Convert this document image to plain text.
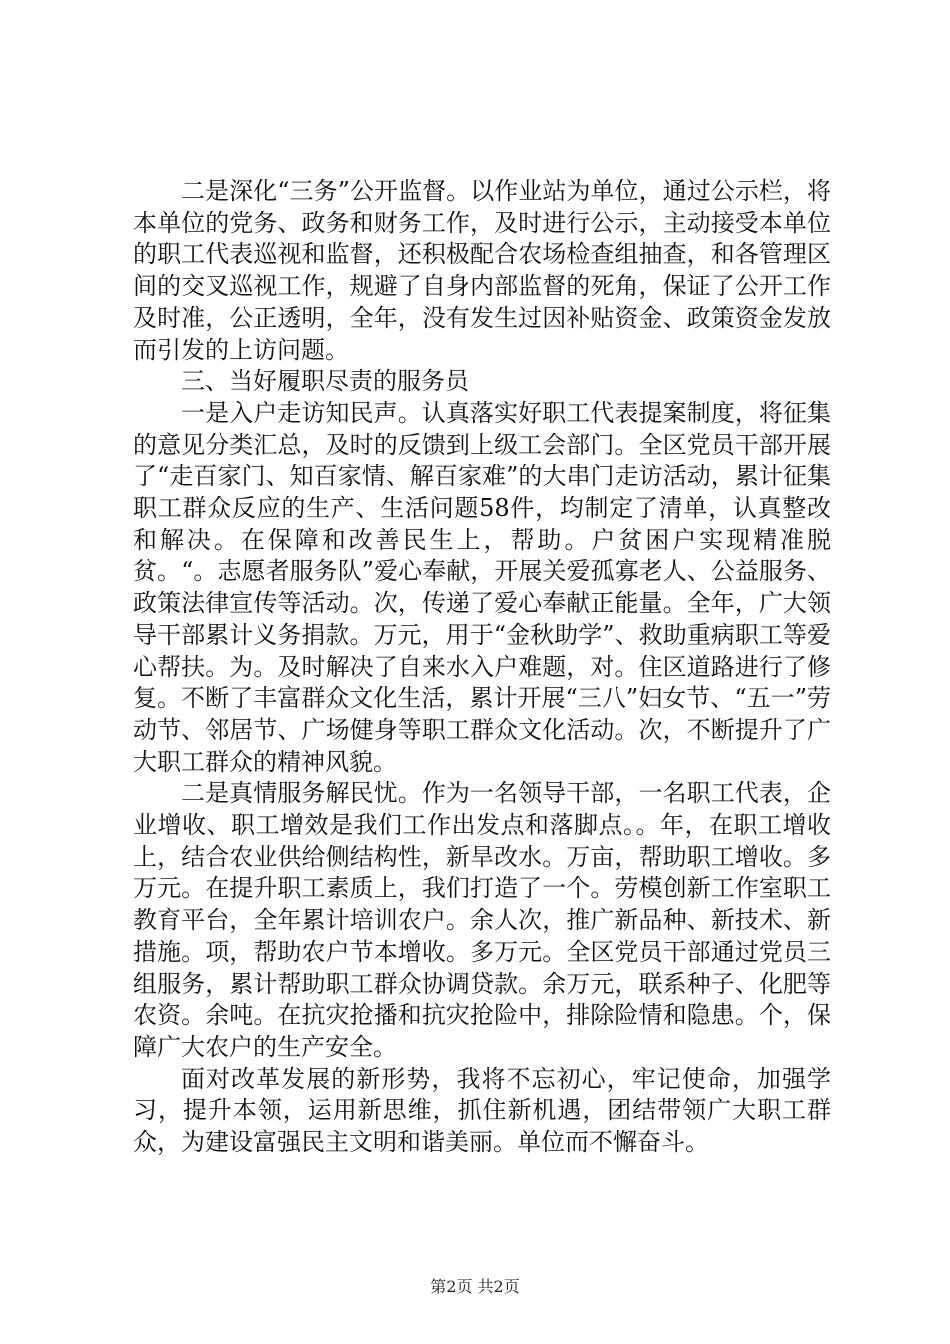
二是深化“三务”公开监督。以作业站为单位，通过公示栏，将本单位的党务、政务和财务工作，及时进行公示，主动接受本单位的职工代表巡视和监督，还积极配合农场检查组抽查，和各管理区间的交叉巡视工作，规避了自身内部监督的死角，保证了公开工作及时准，公正透明，全年，没有发生过因补贴资金、政策资金发放而引发的上访问题。

三、当好履职尽责的服务员

一是入户走访知民声。认真落实好职工代表提案制度，将征集的意见分类汇总，及时的反馈到上级工会部门。全区党员干部开展了“走百家门、知百家情、解百家难”的大串门走访活动，累计征集职工群众反应的生产、生活问题58件，均制定了清单，认真整改和解决。在保障和改善民生上，帮助。户贫困户实现精准脱贫。“。志愿者服务队”爱心奉献，开展关爱孤寡老人、公益服务、政策法律宣传等活动。次，传递了爱心奉献正能量。全年，广大领导干部累计义务捐款。万元，用于“金秋助学”、救助重病职工等爱心帮扶。为。及时解决了自来水入户难题，对。住区道路进行了修复。不断了丰富群众文化生活，累计开展“三八”妇女节、“五一”劳动节、邻居节、广场健身等职工群众文化活动。次，不断提升了广大职工群众的精神风貌。

二是真情服务解民忧。作为一名领导干部，一名职工代表，企业增收、职工增效是我们工作出发点和落脚点。。年，在职工增收上，结合农业供给侧结构性，新旱改水。万亩，帮助职工增收。多万元。在提升职工素质上，我们打造了一个。劳模创新工作室职工教育平台，全年累计培训农户。余人次，推广新品种、新技术、新措施。项，帮助农户节本增收。多万元。全区党员干部通过党员三组服务，累计帮助职工群众协调贷款。余万元，联系种子、化肥等农资。余吨。在抗灾抢播和抗灾抢险中，排除险情和隐患。个，保障广大农户的生产安全。

面对改革发展的新形势，我将不忘初心，牢记使命，加强学习，提升本领，运用新思维，抓住新机遇，团结带领广大职工群众，为建设富强民主文明和谐美丽。单位而不懈奋斗。

第2页 共2页
